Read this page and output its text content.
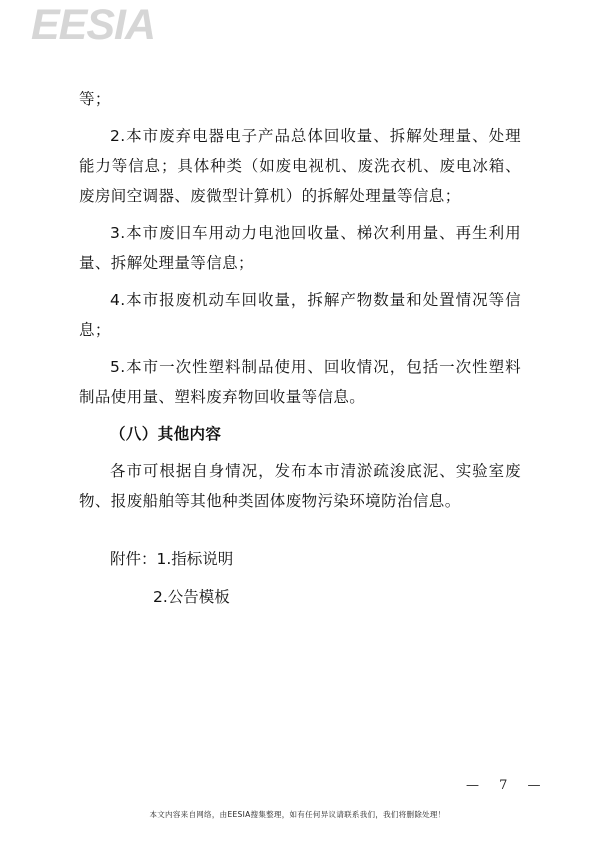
EESIA

等；

2.本市废弃电器电子产品总体回收量、拆解处理量、处理能力等信息；具体种类（如废电视机、废洗衣机、废电冰箱、废房间空调器、废微型计算机）的拆解处理量等信息；

3.本市废旧车用动力电池回收量、梯次利用量、再生利用量、拆解处理量等信息；

4.本市报废机动车回收量，拆解产物数量和处置情况等信息；

5.本市一次性塑料制品使用、回收情况，包括一次性塑料制品使用量、塑料废弃物回收量等信息。

（八）其他内容

各市可根据自身情况，发布本市清淤疏浚底泥、实验室废物、报废船舶等其他种类固体废物污染环境防治信息。

附件：1.指标说明
2.公告模板
— 7 —
本文内容来自网络，由EESIA搜集整理，如有任何异议请联系我们，我们将删除处理！
